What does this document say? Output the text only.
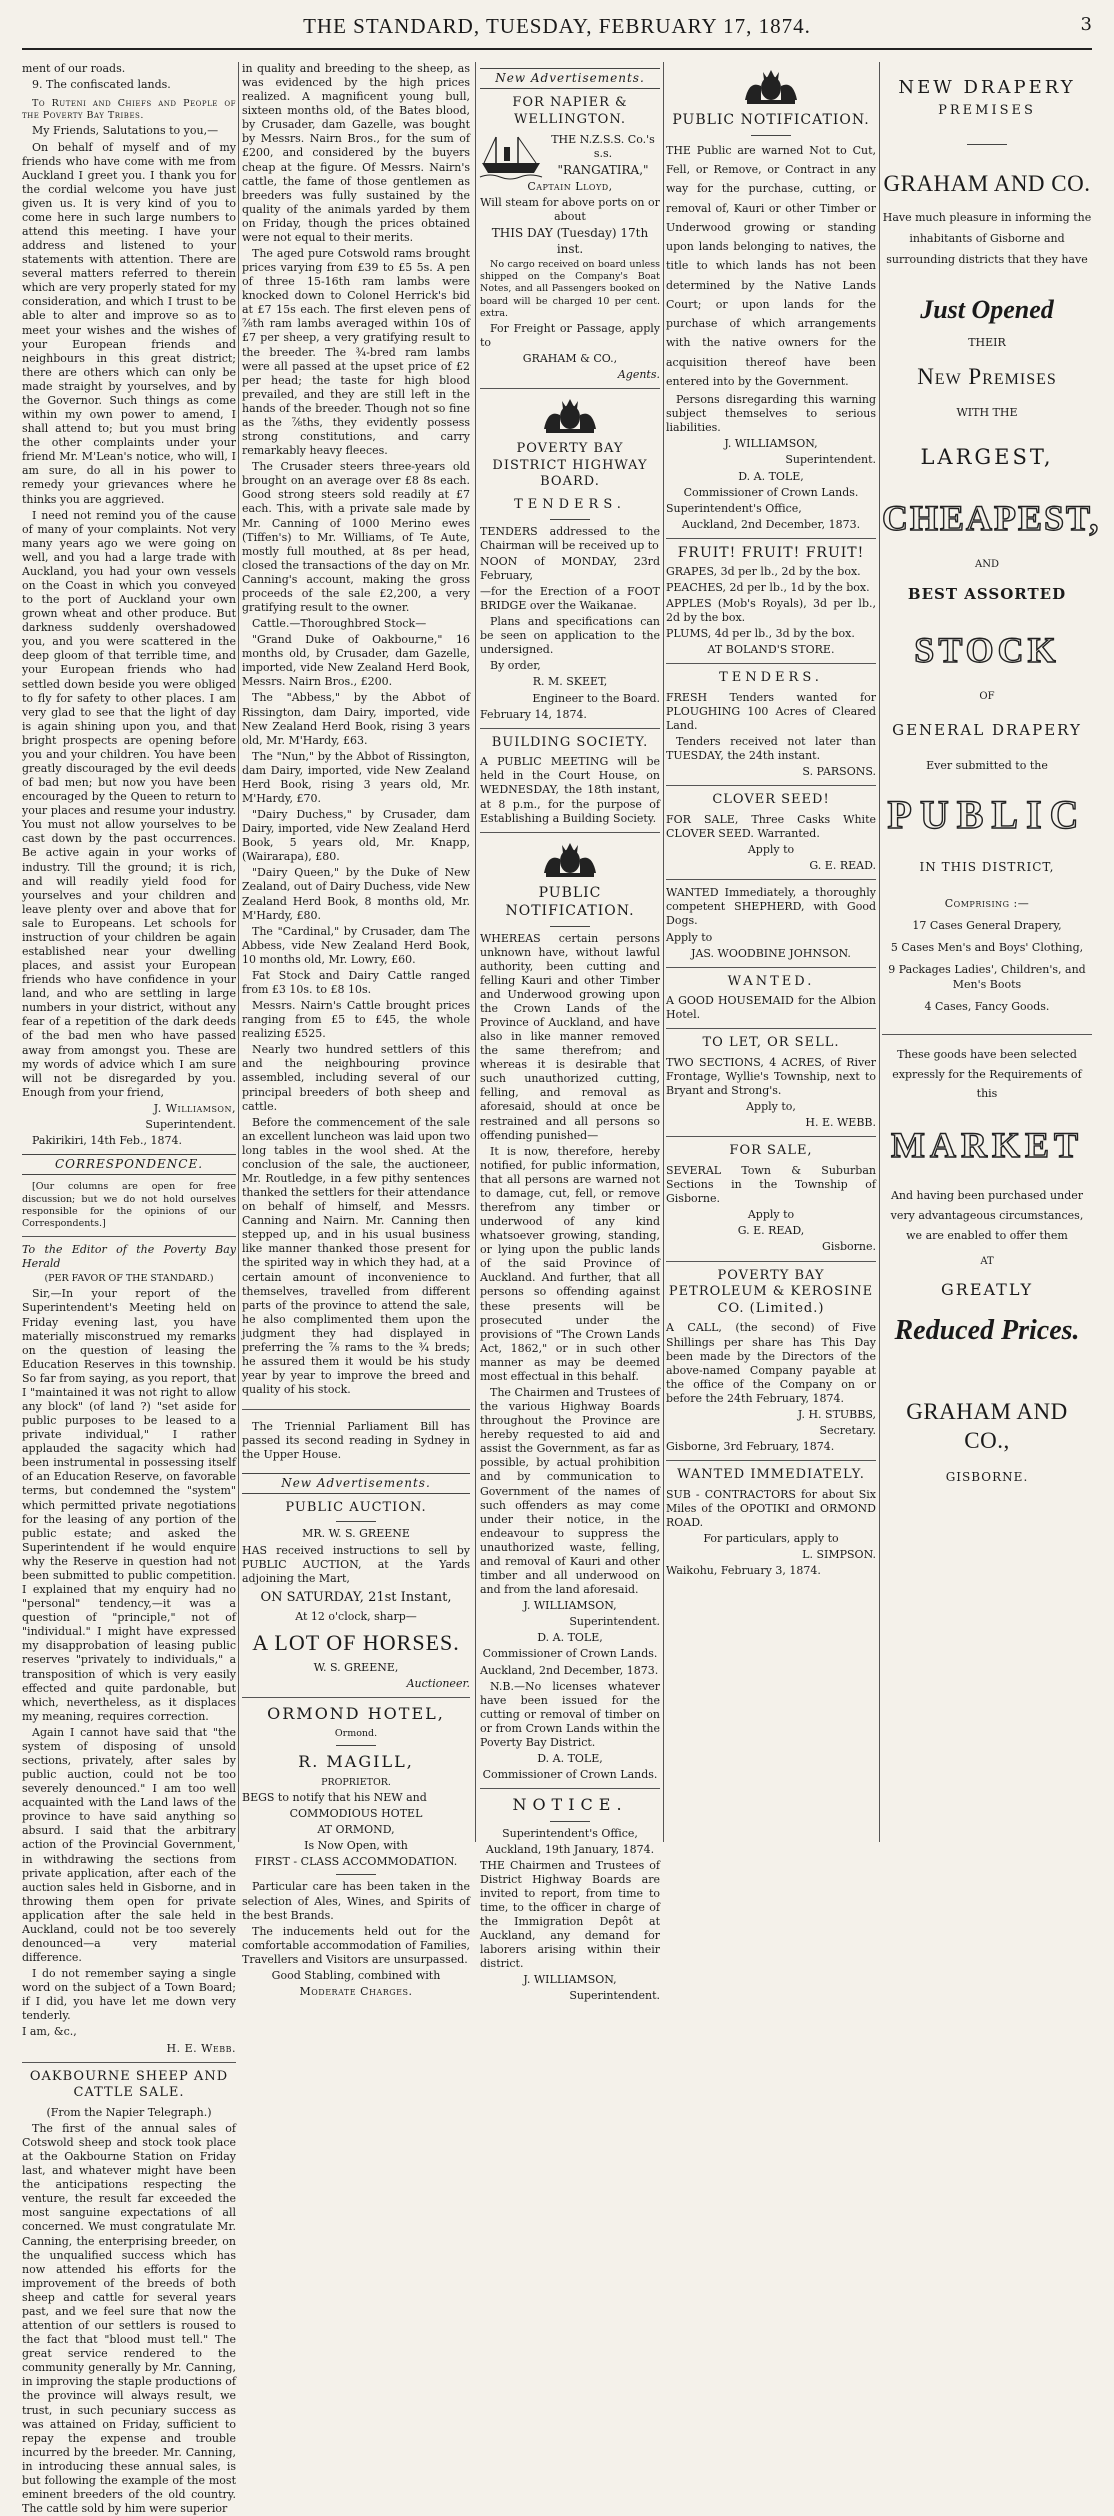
THE STANDARD, TUESDAY, FEBRUARY 17, 1874.	3

ment of our roads.

9. The confiscated lands.

To Ruteni and Chiefs and People of the Poverty Bay Tribes.

My Friends, Salutations to you,—

On behalf of myself and of my friends who have come with me from Auckland I greet you. I thank you for the cordial welcome you have just given us. It is very kind of you to come here in such large numbers to attend this meeting. I have your address and listened to your statements with attention. There are several matters referred to therein which are very properly stated for my consideration, and which I trust to be able to alter and improve so as to meet your wishes and the wishes of your European friends and neighbours in this great district; there are others which can only be made straight by yourselves, and by the Governor. Such things as come within my own power to amend, I shall attend to; but you must bring the other complaints under your friend Mr. M'Lean's notice, who will, I am sure, do all in his power to remedy your grievances where he thinks you are aggrieved.

I need not remind you of the cause of many of your complaints. Not very many years ago we were going on well, and you had a large trade with Auckland, you had your own vessels on the Coast in which you conveyed to the port of Auckland your own grown wheat and other produce. But darkness suddenly overshadowed you, and you were scattered in the deep gloom of that terrible time, and your European friends who had settled down beside you were obliged to fly for safety to other places. I am very glad to see that the light of day is again shining upon you, and that bright prospects are opening before you and your children. You have been greatly discouraged by the evil deeds of bad men; but now you have been encouraged by the Queen to return to your places and resume your industry. You must not allow yourselves to be cast down by the past occurrences. Be active again in your works of industry. Till the ground; it is rich, and will readily yield food for yourselves and your children and leave plenty over and above that for sale to Europeans. Let schools for instruction of your children be again established near your dwelling places, and assist your European friends who have confidence in your land, and who are settling in large numbers in your district, without any fear of a repetition of the dark deeds of the bad men who have passed away from amongst you. These are my words of advice which I am sure will not be disregarded by you. Enough from your friend,

J. Williamson,

Superintendent.

Pakirikiri, 14th Feb., 1874.

CORRESPONDENCE.

[Our columns are open for free discussion; but we do not hold ourselves responsible for the opinions of our Correspondents.]

To the Editor of the Poverty Bay Herald

(PER FAVOR OF THE STANDARD.)

Sir,—In your report of the Superintendent's Meeting held on Friday evening last, you have materially misconstrued my remarks on the question of leasing the Education Reserves in this township. So far from saying, as you report, that I "maintained it was not right to allow any block" (of land ?) "set aside for public purposes to be leased to a private individual," I rather applauded the sagacity which had been instrumental in possessing itself of an Education Reserve, on favorable terms, but condemned the "system" which permitted private negotiations for the leasing of any portion of the public estate; and asked the Superintendent if he would enquire why the Reserve in question had not been submitted to public competition. I explained that my enquiry had no "personal" tendency,—it was a question of "principle," not of "individual." I might have expressed my disapprobation of leasing public reserves "privately to individuals," a transposition of which is very easily effected and quite pardonable, but which, nevertheless, as it displaces my meaning, requires correction.

Again I cannot have said that "the system of disposing of unsold sections, privately, after sales by public auction, could not be too severely denounced." I am too well acquainted with the Land laws of the province to have said anything so absurd. I said that the arbitrary action of the Provincial Government, in withdrawing the sections from private application, after each of the auction sales held in Gisborne, and in throwing them open for private application after the sale held in Auckland, could not be too severely denounced—a very material difference.

I do not remember saying a single word on the subject of a Town Board; if I did, you have let me down very tenderly.

I am, &c.,

H. E. Webb.

OAKBOURNE SHEEP AND CATTLE SALE.

(From the Napier Telegraph.)

The first of the annual sales of Cotswold sheep and stock took place at the Oakbourne Station on Friday last, and whatever might have been the anticipations respecting the venture, the result far exceeded the most sanguine expectations of all concerned. We must congratulate Mr. Canning, the enterprising breeder, on the unqualified success which has now attended his efforts for the improvement of the breeds of both sheep and cattle for several years past, and we feel sure that now the attention of our settlers is roused to the fact that "blood must tell." The great service rendered to the community generally by Mr. Canning, in improving the staple productions of the province will always result, we trust, in such pecuniary success as was attained on Friday, sufficient to repay the expense and trouble incurred by the breeder. Mr. Canning, in introducing these annual sales, is but following the example of the most eminent breeders of the old country. The cattle sold by him were superior

in quality and breeding to the sheep, as was evidenced by the high prices realized. A magnificent young bull, sixteen months old, of the Bates blood, by Crusader, dam Gazelle, was bought by Messrs. Nairn Bros., for the sum of £200, and considered by the buyers cheap at the figure. Of Messrs. Nairn's cattle, the fame of those gentlemen as breeders was fully sustained by the quality of the animals yarded by them on Friday, though the prices obtained were not equal to their merits.

The aged pure Cotswold rams brought prices varying from £39 to £5 5s. A pen of three 15-16th ram lambs were knocked down to Colonel Herrick's bid at £7 15s each. The first eleven pens of ⅞th ram lambs averaged within 10s of £7 per sheep, a very gratifying result to the breeder. The ¾-bred ram lambs were all passed at the upset price of £2 per head; the taste for high blood prevailed, and they are still left in the hands of the breeder. Though not so fine as the ⅞ths, they evidently possess strong constitutions, and carry remarkably heavy fleeces.

The Crusader steers three-years old brought on an average over £8 8s each. Good strong steers sold readily at £7 each. This, with a private sale made by Mr. Canning of 1000 Merino ewes (Tiffen's) to Mr. Williams, of Te Aute, mostly full mouthed, at 8s per head, closed the transactions of the day on Mr. Canning's account, making the gross proceeds of the sale £2,200, a very gratifying result to the owner.

Cattle.—Thoroughbred Stock—

"Grand Duke of Oakbourne," 16 months old, by Crusader, dam Gazelle, imported, vide New Zealand Herd Book, Messrs. Nairn Bros., £200.

The "Abbess," by the Abbot of Rissington, dam Dairy, imported, vide New Zealand Herd Book, rising 3 years old, Mr. M'Hardy, £63.

The "Nun," by the Abbot of Rissington, dam Dairy, imported, vide New Zealand Herd Book, rising 3 years old, Mr. M'Hardy, £70.

"Dairy Duchess," by Crusader, dam Dairy, imported, vide New Zealand Herd Book, 5 years old, Mr. Knapp, (Wairarapa), £80.

"Dairy Queen," by the Duke of New Zealand, out of Dairy Duchess, vide New Zealand Herd Book, 8 months old, Mr. M'Hardy, £80.

The "Cardinal," by Crusader, dam The Abbess, vide New Zealand Herd Book, 10 months old, Mr. Lowry, £60.

Fat Stock and Dairy Cattle ranged from £3 10s. to £8 10s.

Messrs. Nairn's Cattle brought prices ranging from £5 to £45, the whole realizing £525.

Nearly two hundred settlers of this and the neighbouring province assembled, including several of our principal breeders of both sheep and cattle.

Before the commencement of the sale an excellent luncheon was laid upon two long tables in the wool shed. At the conclusion of the sale, the auctioneer, Mr. Routledge, in a few pithy sentences thanked the settlers for their attendance on behalf of himself, and Messrs. Canning and Nairn. Mr. Canning then stepped up, and in his usual business like manner thanked those present for the spirited way in which they had, at a certain amount of inconvenience to themselves, travelled from different parts of the province to attend the sale, he also complimented them upon the judgment they had displayed in preferring the ⅞ rams to the ¾ breds; he assured them it would be his study year by year to improve the breed and quality of his stock.

The Triennial Parliament Bill has passed its second reading in Sydney in the Upper House.

New Advertisements.
PUBLIC AUCTION.

MR. W. S. GREENE

HAS received instructions to sell by PUBLIC AUCTION, at the Yards adjoining the Mart,

ON SATURDAY, 21st Instant,

At 12 o'clock, sharp—

A LOT OF HORSES.

W. S. GREENE,

Auctioneer.

ORMOND HOTEL,

Ormond.

R. MAGILL,

PROPRIETOR.

BEGS to notify that his NEW and

COMMODIOUS HOTEL

AT ORMOND,

Is Now Open, with

FIRST - CLASS ACCOMMODATION.

Particular care has been taken in the selection of Ales, Wines, and Spirits of the best Brands.

The inducements held out for the comfortable accommodation of Families, Travellers and Visitors are unsurpassed.

Good Stabling, combined with

Moderate Charges.

New Advertisements.
FOR NAPIER & WELLINGTON.

THE N.Z.S.S. Co.'s s.s.

"RANGATIRA,"

Captain Lloyd,

Will steam for above ports on or about

THIS DAY (Tuesday) 17th inst.

No cargo received on board unless shipped on the Company's Boat Notes, and all Passengers booked on board will be charged 10 per cent. extra.

For Freight or Passage, apply to

GRAHAM & CO.,

Agents.

POVERTY BAY DISTRICT HIGHWAY BOARD.
TENDERS.

TENDERS addressed to the Chairman will be received up to

NOON of MONDAY, 23rd February,

—for the Erection of a FOOT BRIDGE over the Waikanae.

Plans and specifications can be seen on application to the undersigned.

By order,

R. M. SKEET,

Engineer to the Board.

February 14, 1874.

BUILDING SOCIETY.

A PUBLIC MEETING will be held in the Court House, on WEDNESDAY, the 18th instant, at 8 p.m., for the purpose of Establishing a Building Society.

PUBLIC NOTIFICATION.

WHEREAS certain persons unknown have, without lawful authority, been cutting and felling Kauri and other Timber and Underwood growing upon the Crown Lands of the Province of Auckland, and have also in like manner removed the same therefrom; and whereas it is desirable that such unauthorized cutting, felling, and removal as aforesaid, should at once be restrained and all persons so offending punished—

It is now, therefore, hereby notified, for public information, that all persons are warned not to damage, cut, fell, or remove therefrom any timber or underwood of any kind whatsoever growing, standing, or lying upon the public lands of the said Province of Auckland. And further, that all persons so offending against these presents will be prosecuted under the provisions of "The Crown Lands Act, 1862," or in such other manner as may be deemed most effectual in this behalf.

The Chairmen and Trustees of the various Highway Boards throughout the Province are hereby requested to aid and assist the Government, as far as possible, by actual prohibition and by communication to Government of the names of such offenders as may come under their notice, in the endeavour to suppress the unauthorized waste, felling, and removal of Kauri and other timber and all underwood on and from the land aforesaid.

J. WILLIAMSON,

Superintendent.

D. A. TOLE,

Commissioner of Crown Lands.

Auckland, 2nd December, 1873.

N.B.—No licenses whatever have been issued for the cutting or removal of timber on or from Crown Lands within the Poverty Bay District.

D. A. TOLE,

Commissioner of Crown Lands.

NOTICE.

Superintendent's Office,

Auckland, 19th January, 1874.

THE Chairmen and Trustees of District Highway Boards are invited to report, from time to time, to the officer in charge of the Immigration Depôt at Auckland, any demand for laborers arising within their district.

J. WILLIAMSON,

Superintendent.

PUBLIC NOTIFICATION.

THE Public are warned Not to Cut, Fell, or Remove, or Contract in any way for the purchase, cutting, or removal of, Kauri or other Timber or Underwood growing or standing upon lands belonging to natives, the title to which lands has not been determined by the Native Lands Court; or upon lands for the purchase of which arrangements with the native owners for the acquisition thereof have been entered into by the Government.

Persons disregarding this warning subject themselves to serious liabilities.

J. WILLIAMSON,

Superintendent.

D. A. TOLE,

Commissioner of Crown Lands.

Superintendent's Office,

Auckland, 2nd December, 1873.

FRUIT! FRUIT! FRUIT!

GRAPES, 3d per lb., 2d by the box.

PEACHES, 2d per lb., 1d by the box.

APPLES (Mob's Royals), 3d per lb., 2d by the box.

PLUMS, 4d per lb., 3d by the box.

AT BOLAND'S STORE.

TENDERS.

FRESH Tenders wanted for PLOUGHING 100 Acres of Cleared Land.

Tenders received not later than TUESDAY, the 24th instant.

S. PARSONS.

CLOVER SEED!

FOR SALE, Three Casks White CLOVER SEED. Warranted.

Apply to

G. E. READ.

WANTED Immediately, a thoroughly competent SHEPHERD, with Good Dogs.

Apply to

JAS. WOODBINE JOHNSON.

WANTED.

A GOOD HOUSEMAID for the Albion Hotel.

TO LET, OR SELL.

TWO SECTIONS, 4 ACRES, of River Frontage, Wyllie's Township, next to Bryant and Strong's.

Apply to,

H. E. WEBB.

FOR SALE,

SEVERAL Town & Suburban Sections in the Township of Gisborne.

Apply to

G. E. READ,

Gisborne.

POVERTY BAY PETROLEUM & KEROSINE CO. (Limited.)

A CALL, (the second) of Five Shillings per share has This Day been made by the Directors of the above-named Company payable at the office of the Company on or before the 24th February, 1874.

J. H. STUBBS,

Secretary.

Gisborne, 3rd February, 1874.

WANTED IMMEDIATELY.

SUB - CONTRACTORS for about Six Miles of the OPOTIKI and ORMOND ROAD.

For particulars, apply to

L. SIMPSON.

Waikohu, February 3, 1874.

NEW DRAPERY
PREMISES
GRAHAM AND CO.

Have much pleasure in informing the inhabitants of Gisborne and surrounding districts that they have

Just Opened
THEIR
New Premises
WITH THE
LARGEST,
CHEAPEST,
AND
BEST ASSORTED
STOCK
OF
GENERAL DRAPERY
Ever submitted to the
PUBLIC
IN THIS DISTRICT,
Comprising :—

17 Cases General Drapery,

5 Cases Men's and Boys' Clothing,

9 Packages Ladies', Children's, and Men's Boots

4 Cases, Fancy Goods.

These goods have been selected expressly for the Requirements of this

MARKET

And having been purchased under very advantageous circumstances, we are enabled to offer them

AT
GREATLY
Reduced Prices.
GRAHAM AND CO.,
GISBORNE.
